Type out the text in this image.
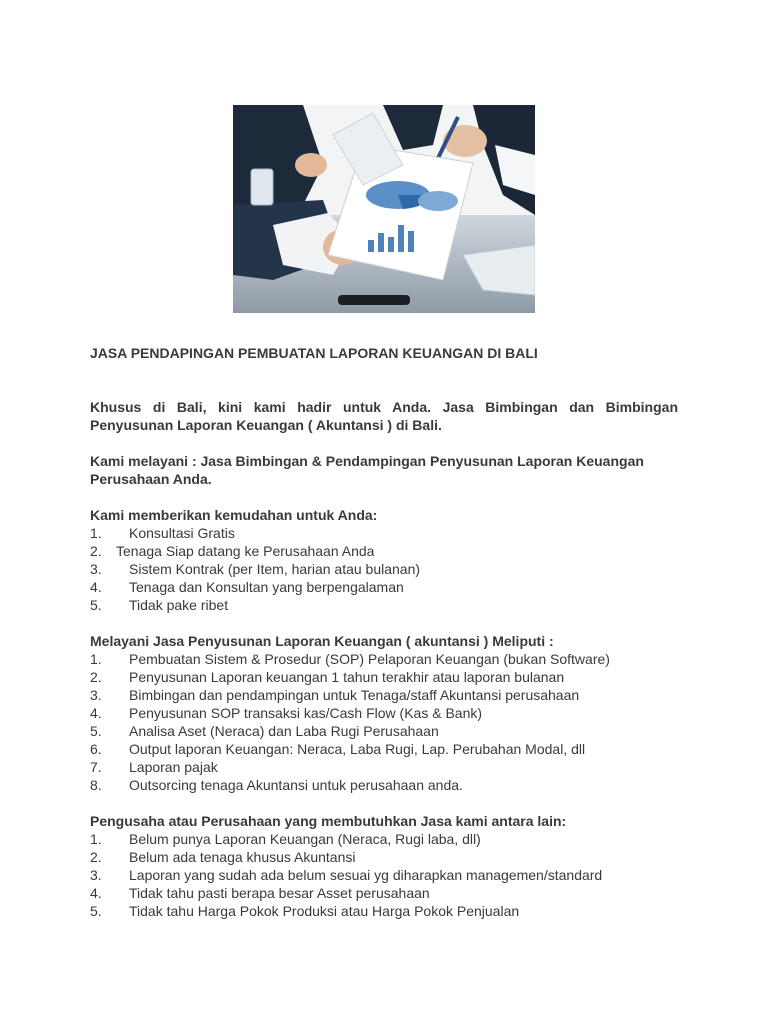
JASA PENDAPINGAN PEMBUATAN LAPORAN KEUANGAN DI BALI

Khusus di Bali, kini kami hadir untuk Anda. Jasa Bimbingan dan Bimbingan Penyusunan Laporan Keuangan ( Akuntansi ) di Bali.

Kami melayani : Jasa Bimbingan & Pendampingan Penyusunan Laporan Keuangan Perusahaan Anda.

Kami memberikan kemudahan untuk Anda:

1. Konsultasi Gratis
2. Tenaga Siap datang ke Perusahaan Anda
3. Sistem Kontrak (per Item, harian atau bulanan)
4. Tenaga dan Konsultan yang berpengalaman
5. Tidak pake ribet

Melayani Jasa Penyusunan Laporan Keuangan ( akuntansi ) Meliputi :

1. Pembuatan Sistem & Prosedur (SOP) Pelaporan Keuangan (bukan Software)
2. Penyusunan Laporan keuangan 1 tahun terakhir atau laporan bulanan
3. Bimbingan dan pendampingan untuk Tenaga/staff Akuntansi perusahaan
4. Penyusunan SOP transaksi kas/Cash Flow (Kas & Bank)
5. Analisa Aset (Neraca) dan Laba Rugi Perusahaan
6. Output laporan Keuangan: Neraca, Laba Rugi, Lap. Perubahan Modal, dll
7. Laporan pajak
8. Outsorcing tenaga Akuntansi untuk perusahaan anda.

Pengusaha atau Perusahaan yang membutuhkan Jasa kami antara lain:

1. Belum punya Laporan Keuangan (Neraca, Rugi laba, dll)
2. Belum ada tenaga khusus Akuntansi
3. Laporan yang sudah ada belum sesuai yg diharapkan managemen/standard
4. Tidak tahu pasti berapa besar Asset perusahaan
5. Tidak tahu Harga Pokok Produksi atau Harga Pokok Penjualan
